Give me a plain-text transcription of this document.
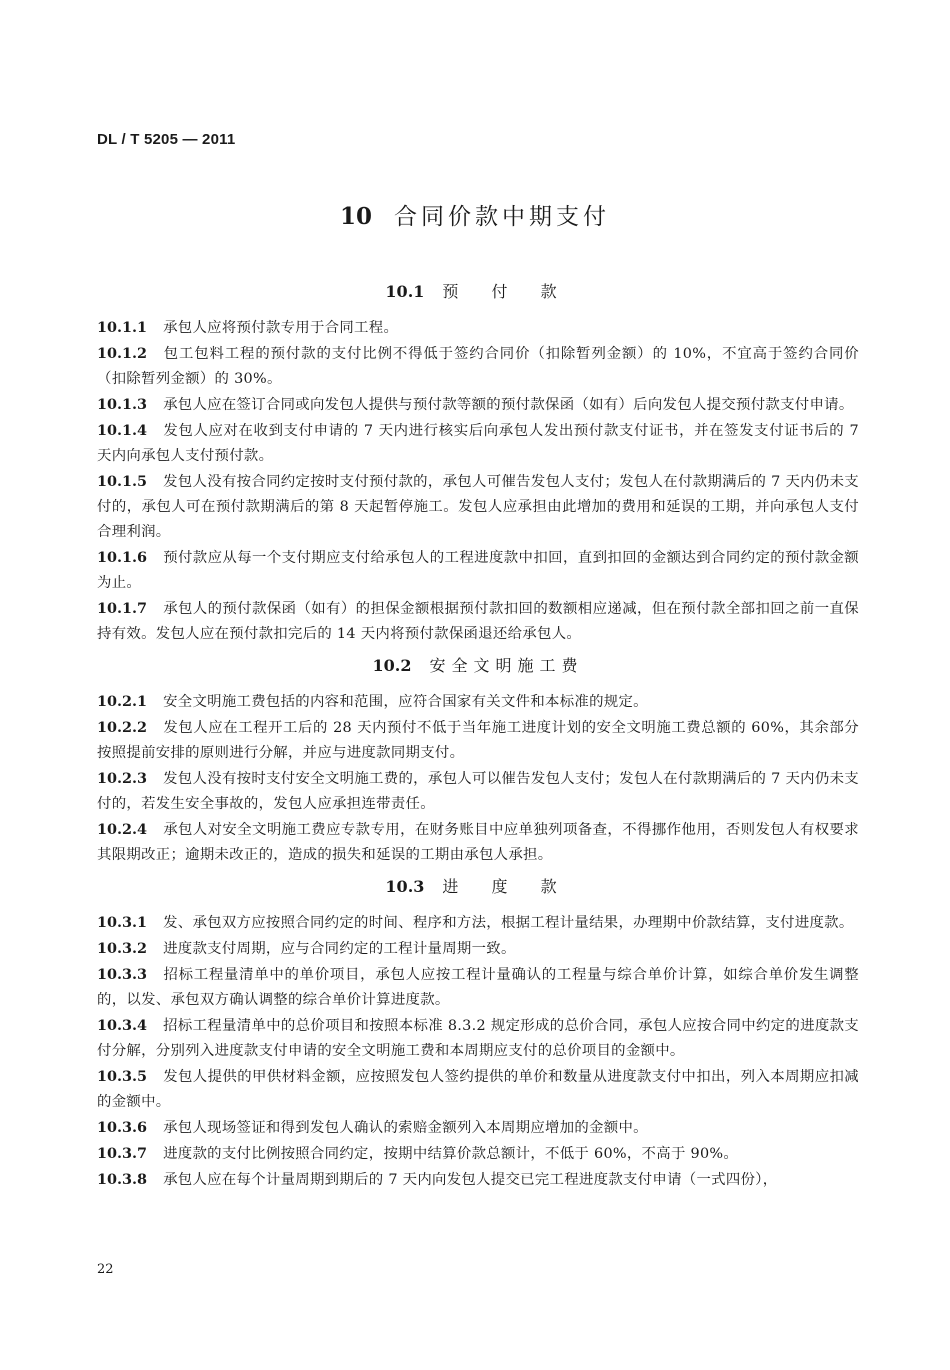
DL / T 5205 — 2011
10 合同价款中期支付
10.1 预 付 款

10.1.1 承包人应将预付款专用于合同工程。

10.1.2 包工包料工程的预付款的支付比例不得低于签约合同价（扣除暂列金额）的 10%，不宜高于签约合同价（扣除暂列金额）的 30%。

10.1.3 承包人应在签订合同或向发包人提供与预付款等额的预付款保函（如有）后向发包人提交预付款支付申请。

10.1.4 发包人应对在收到支付申请的 7 天内进行核实后向承包人发出预付款支付证书，并在签发支付证书后的 7 天内向承包人支付预付款。

10.1.5 发包人没有按合同约定按时支付预付款的，承包人可催告发包人支付；发包人在付款期满后的 7 天内仍未支付的，承包人可在预付款期满后的第 8 天起暂停施工。发包人应承担由此增加的费用和延误的工期，并向承包人支付合理利润。

10.1.6 预付款应从每一个支付期应支付给承包人的工程进度款中扣回，直到扣回的金额达到合同约定的预付款金额为止。

10.1.7 承包人的预付款保函（如有）的担保金额根据预付款扣回的数额相应递减，但在预付款全部扣回之前一直保持有效。发包人应在预付款扣完后的 14 天内将预付款保函退还给承包人。

10.2 安全文明施工费

10.2.1 安全文明施工费包括的内容和范围，应符合国家有关文件和本标准的规定。

10.2.2 发包人应在工程开工后的 28 天内预付不低于当年施工进度计划的安全文明施工费总额的 60%，其余部分按照提前安排的原则进行分解，并应与进度款同期支付。

10.2.3 发包人没有按时支付安全文明施工费的，承包人可以催告发包人支付；发包人在付款期满后的 7 天内仍未支付的，若发生安全事故的，发包人应承担连带责任。

10.2.4 承包人对安全文明施工费应专款专用，在财务账目中应单独列项备查，不得挪作他用，否则发包人有权要求其限期改正；逾期未改正的，造成的损失和延误的工期由承包人承担。

10.3 进 度 款

10.3.1 发、承包双方应按照合同约定的时间、程序和方法，根据工程计量结果，办理期中价款结算，支付进度款。

10.3.2 进度款支付周期，应与合同约定的工程计量周期一致。

10.3.3 招标工程量清单中的单价项目，承包人应按工程计量确认的工程量与综合单价计算，如综合单价发生调整的，以发、承包双方确认调整的综合单价计算进度款。

10.3.4 招标工程量清单中的总价项目和按照本标准 8.3.2 规定形成的总价合同，承包人应按合同中约定的进度款支付分解，分别列入进度款支付申请的安全文明施工费和本周期应支付的总价项目的金额中。

10.3.5 发包人提供的甲供材料金额，应按照发包人签约提供的单价和数量从进度款支付中扣出，列入本周期应扣减的金额中。

10.3.6 承包人现场签证和得到发包人确认的索赔金额列入本周期应增加的金额中。

10.3.7 进度款的支付比例按照合同约定，按期中结算价款总额计，不低于 60%，不高于 90%。

10.3.8 承包人应在每个计量周期到期后的 7 天内向发包人提交已完工程进度款支付申请（一式四份），

22
